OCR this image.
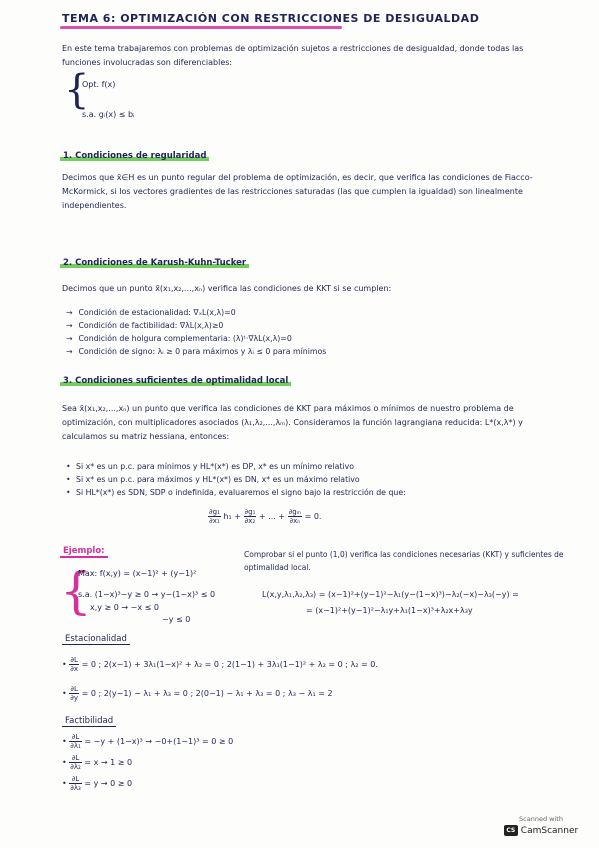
TEMA 6: OPTIMIZACIÓN CON RESTRICCIONES DE DESIGUALDAD
En este tema trabajaremos con problemas de optimización sujetos a restricciones de desigualdad, donde todas las funciones involucradas son diferenciables:
{
Opt. f(x)
s.a. gᵢ(x) ≤ bᵢ
1. Condiciones de regularidad
Decimos que x̄∈H es un punto regular del problema de optimización, es decir, que verifica las condiciones de Fiacco-McKormick, si los vectores gradientes de las restricciones saturadas (las que cumplen la igualdad) son linealmente independientes.
2. Condiciones de Karush-Kuhn-Tucker
Decimos que un punto x̄(x₁,x₂,...,xₙ) verifica las condiciones de KKT si se cumplen:
→ Condición de estacionalidad: ∇ₓL(x,λ)=0
→ Condición de factibilidad: ∇λL(x,λ)≥0
→ Condición de holgura complementaria: (λ)ᵗ·∇λL(x,λ)=0
→ Condición de signo: λᵢ ≥ 0 para máximos y λᵢ ≤ 0 para mínimos
3. Condiciones suficientes de optimalidad local
Sea x̄(x₁,x₂,...,xₙ) un punto que verifica las condiciones de KKT para máximos o mínimos de nuestro problema de optimización, con multiplicadores asociados (λ₁,λ₂,...,λₘ). Consideramos la función lagrangiana reducida: L*(x,λ*) y calculamos su matriz hessiana, entonces:
• Si x* es un p.c. para mínimos y HL*(x*) es DP, x* es un mínimo relativo
• Si x* es un p.c. para máximos y HL*(x*) es DN, x* es un máximo relativo
• Si HL*(x*) es SDN, SDP o indefinida, evaluaremos el signo bajo la restricción de que:
$\frac{\text{∂g₁}}{\text{∂x₁}} h_1 + \frac{\text{∂g₁}}{\text{∂x₂}}$ + ... + $\frac{\text{∂gₘ}}{\text{∂xₙ}} = 0$.
Ejemplo:	Comprobar si el punto (1,0) verifica las condiciones necesarias (KKT) y suficientes de optimalidad local.
{
Max: f(x,y) = (x−1)² + (y−1)²
s.a. (1−x)³−y ≥ 0 → y−(1−x)³ ≤ 0
x,y ≥ 0 → −x ≤ 0
−y ≤ 0
L(x,y,λ₁,λ₂,λ₃) = (x−1)²+(y−1)²−λ₁(y−(1−x)³)−λ₂(−x)−λ₃(−y) =
= (x−1)²+(y−1)²−λ₁y+λ₁(1−x)³+λ₂x+λ₃y
Estacionalidad
• $\frac{\partial L}{\partial x} = 0$ ; 2(x−1) + 3λ₁(1−x)² + λ₂ = 0 ; 2(1−1) + 3λ₁(1−1)² + λ₂ = 0 ; λ₂ = 0.
• $\frac{\partial L}{\partial y} = 0$ ; 2(y−1) − λ₁ + λ₃ = 0 ; 2(0−1) − λ₁ + λ₃ = 0 ; λ₃ − λ₁ = 2
Factibilidad
• $\frac{\partial L}{\text{∂λ₁}} = -y + (1-x)^3 \to -0+(1-1)^3 = 0 \ge 0$
• $\frac{\partial L}{\text{∂λ₂}} = x \to 1 \ge 0$
• $\frac{\partial L}{\text{∂λ₃}} = y \to 0 \ge 0$
Scanned with
CS CamScanner
